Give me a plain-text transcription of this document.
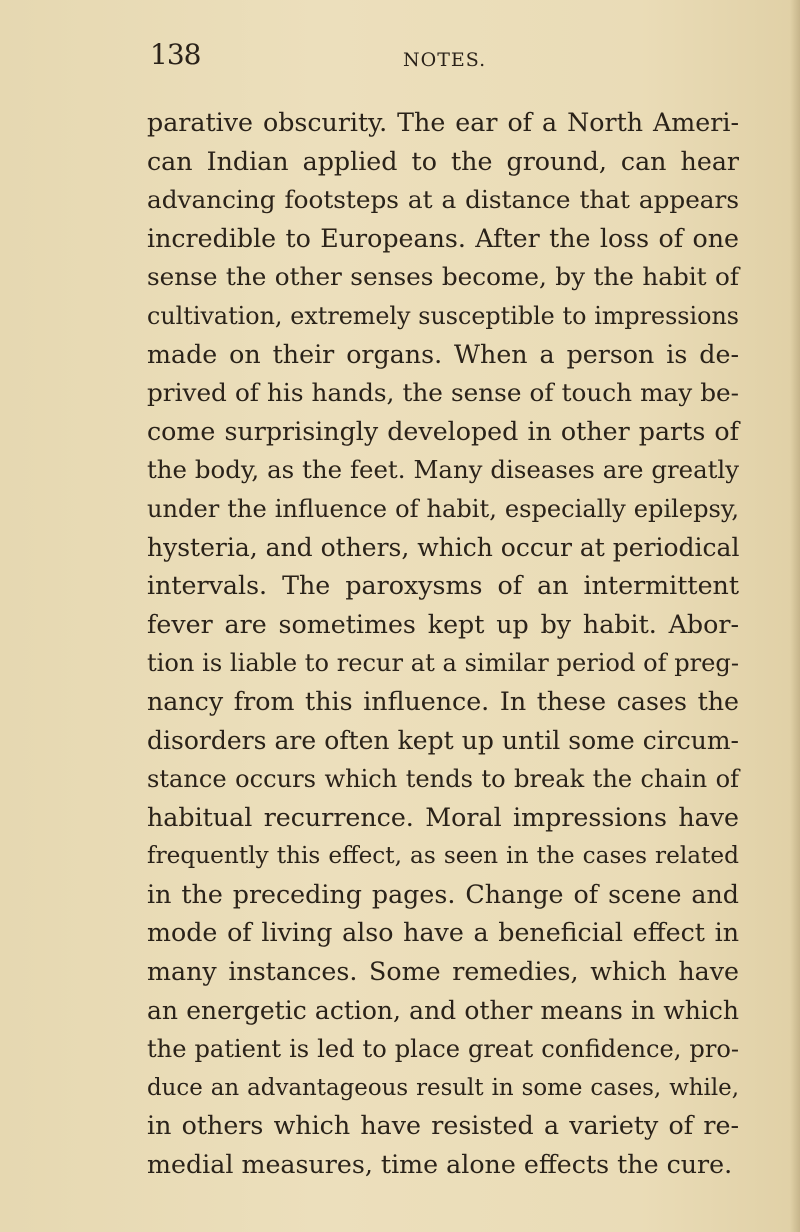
138	NOTES.
parative obscurity. The ear of a North Ameri-
can Indian applied to the ground, can hear
advancing footsteps at a distance that appears
incredible to Europeans. After the loss of one
sense the other senses become, by the habit of
cultivation, extremely susceptible to impressions
made on their organs. When a person is de-
prived of his hands, the sense of touch may be-
come surprisingly developed in other parts of
the body, as the feet. Many diseases are greatly
under the influence of habit, especially epilepsy,
hysteria, and others, which occur at periodical
intervals. The paroxysms of an intermittent
fever are sometimes kept up by habit. Abor-
tion is liable to recur at a similar period of preg-
nancy from this influence. In these cases the
disorders are often kept up until some circum-
stance occurs which tends to break the chain of
habitual recurrence. Moral impressions have
frequently this effect, as seen in the cases related
in the preceding pages. Change of scene and
mode of living also have a beneficial effect in
many instances. Some remedies, which have
an energetic action, and other means in which
the patient is led to place great confidence, pro-
duce an advantageous result in some cases, while,
in others which have resisted a variety of re-
medial measures, time alone effects the cure.
